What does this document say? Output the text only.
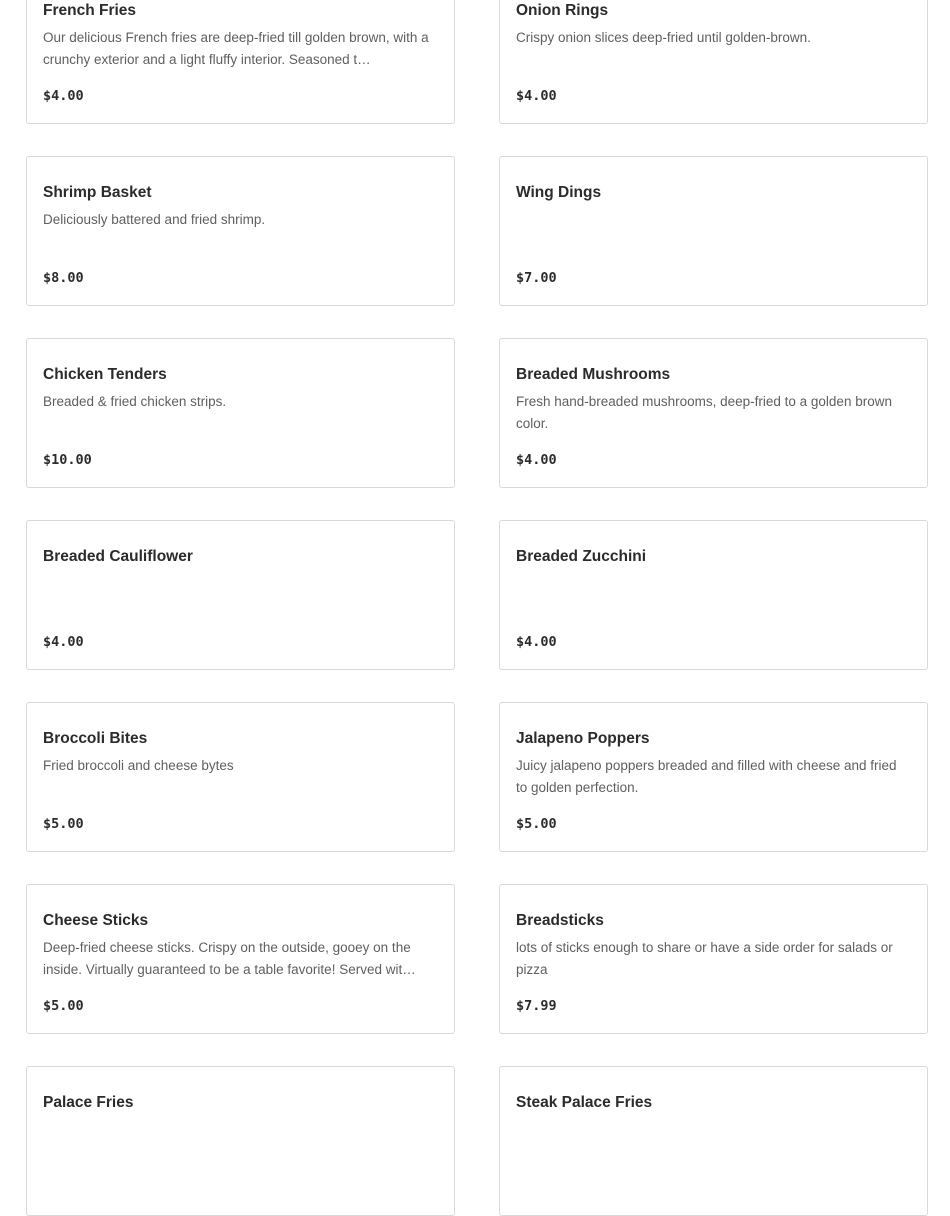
French Fries
Our delicious French fries are deep-fried till golden brown, with a crunchy exterior and a light fluffy interior. Seasoned t…
$4.00
Onion Rings
Crispy onion slices deep-fried until golden-brown.
$4.00
Shrimp Basket
Deliciously battered and fried shrimp.
$8.00
Wing Dings
$7.00
Chicken Tenders
Breaded & fried chicken strips.
$10.00
Breaded Mushrooms
Fresh hand-breaded mushrooms, deep-fried to a golden brown color.
$4.00
Breaded Cauliflower
$4.00
Breaded Zucchini
$4.00
Broccoli Bites
Fried broccoli and cheese bytes
$5.00
Jalapeno Poppers
Juicy jalapeno poppers breaded and filled with cheese and fried to golden perfection.
$5.00
Cheese Sticks
Deep-fried cheese sticks. Crispy on the outside, gooey on the inside. Virtually guaranteed to be a table favorite! Served wit…
$5.00
Breadsticks
lots of sticks enough to share or have a side order for salads or pizza
$7.99
Palace Fries	Steak Palace Fries
